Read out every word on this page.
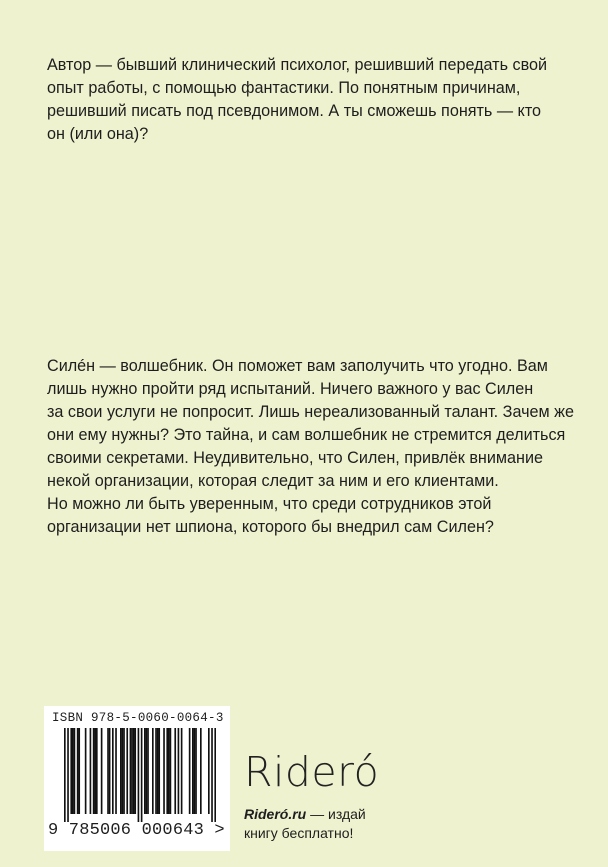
Автор — бывший клинический психолог, решивший передать свой
опыт работы, с помощью фантастики. По понятным причинам,
решивший писать под псевдонимом. А ты сможешь понять — кто
он (или она)?
Силéн — волшебник. Он поможет вам заполучить что угодно. Вам
лишь нужно пройти ряд испытаний. Ничего важного у вас Силен
за свои услуги не попросит. Лишь нереализованный талант. Зачем же
они ему нужны? Это тайна, и сам волшебник не стремится делиться
своими секретами. Неудивительно, что Силен, привлёк внимание
некой организации, которая следит за ним и его клиентами.
Но можно ли быть уверенным, что среди сотрудников этой
организации нет шпиона, которого бы внедрил сам Силен?
ISBN 978-5-0060-0064-3
9 785006 000643 >
Rideró
Rideró.ru — издай
книгу бесплатно!
